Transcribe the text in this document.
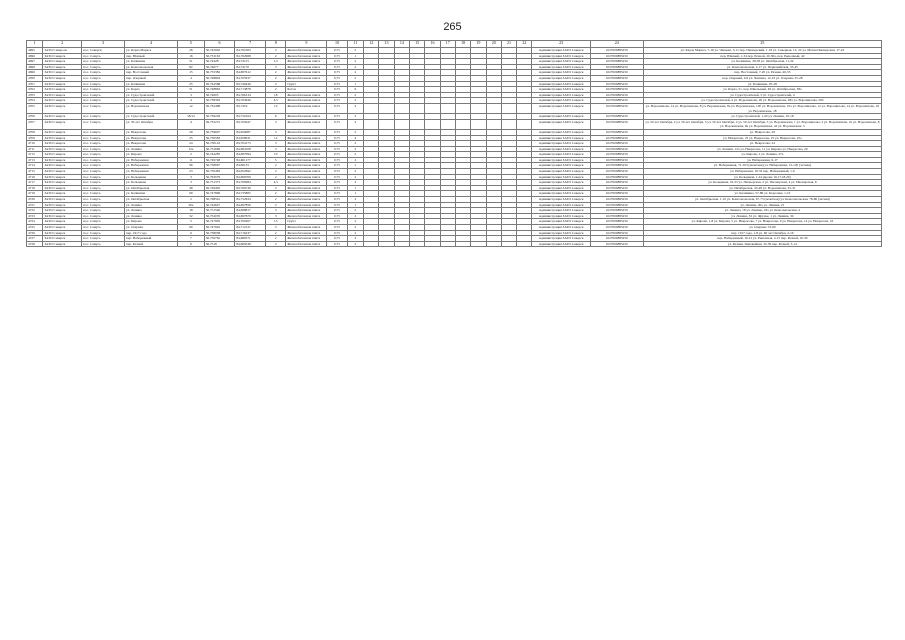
265
1	2	3	4	5	6	7	8	9	10	11	12	13	14	15	16	17	18	19	20	21	22	23	24	25
4695	ЗАТО Североск	пос. Северск	ул. Карла Маркса	26	56,745002	84,791063	2	Железобетонная плита	0,75	2												Администрация ЗАТО Северск	1027000885250	ул. Карла Маркса, 7-16 ул. Чапаева, 3-11 пер. Пионерский, 1-18 ул. Северная, 12, 22 ул. Малая Пионерская, 17-22
4696	ЗАТО Северск	пос. Самусь	пер. Южный	16	56,753163	84,702968	2	Железобетонная плита	0,75	1												Администрация ЗАТО Северск	1027000885250	пер. Южный, 1-34 пер. Речной, 20-30а, пер. Рыночный, 42
4697	ЗАТО Северск	пос. Самусь	ул. Калинина	51	56,74428	84,74115	1,5	Железобетонная плита	0,75	2												Администрация ЗАТО Северск	1027000885250	ул. Калинина, 39-58 ул. Октябрьская, 11-24
4698	ЗАТО Северск	пос. Самусь	ул. Комсомольская	82	56,74677	84,74170	3	Железобетонная плита	0,75	2												Администрация ЗАТО Северск	1027000885250	ул. Комсомольская, 2-17 ул. Первомайская, 33-45
4699	ЗАТО Северск	пос. Самусь	пер. Восточный	15	56,755382	84,687612	2	Железобетонная плита	0,75	2												Администрация ЗАТО Северск	1027000885250	пер. Восточный, 7-20 ул. Речная, 40-55
4700	ЗАТО Северск	пос. Самусь	пер. Озерный	4	56,748804	84,705937	2	Железобетонная плита	0,75	2												Администрация ЗАТО Северск	1027000885250	пер. Озерный, 4-9 ул. Чапаева, 12-23 ул. Озерная, 25-28
4701	ЗАТО Северск	пос. Самусь	ул. Калинина	25	56,744588	84,749446	2	Грунт	0,75	1												Администрация ЗАТО Северск	1027000885250	ул. Калинина, 25-28
4702	ЗАТО Северск	пос. Самусь	ул. Карла	51	56,748863	84,713878	2	Бетон	0,75	6												Администрация ЗАТО Северск	1027000885250	ул. Карла, 51, пер. Школьный, 49 ул. Октябрьская, 38а
4703	ЗАТО Северск	пос. Самусь	ул. Судостроителей	3	56,74003	84,766134	18	Железобетонная плита	0,75	2												Администрация ЗАТО Северск	1027000885250	ул. Судостроителей, 3 ул. Судостроителей, 4
4704	ЗАТО Северск	пос. Самусь	ул. Судостроителей	4	56,738363	84,763946	4,5	Железобетонная плита	0,75	2												Администрация ЗАТО Северск	1027000885250	ул. Судостроителей, 4 ул. Ворошилова, 26 ул. Ворошилова, 28а ул. Ворошилова, 26б
4705	ЗАТО Северск	пос. Самусь	ул. Ворошилова	12	56,732498	84,7419	12	Железобетонная плита	0,75	2												Администрация ЗАТО Северск	1027000885250	ул. Ворошилова, 14 ул. Ворошилова, 8 ул. Ворошилова, 8а ул. Ворошилова, 10б ул. Ворошилова, 10а ул. Ворошилова, 12 ул. Ворошилова, 14 ул. Ворошилова, 16 ул. Ворошилова, 18
4706	ЗАТО Северск	пос. Самусь	ул. Судостроителей	18/12	56,736229	84,750164	6	Железобетонная плита	0,75	3												Администрация ЗАТО Северск	1027000885250	ул. Судостроителей, 1-20 ул. Ленина, 10-18
4707	ЗАТО Северск	пос. Самусь	ул. 50 лет Октября	4	56,733272	84,705947	3	Железобетонная плита	0,75	2												Администрация ЗАТО Северск	1027000885250	ул. 50 лет Октября, 2 ул. 50 лет Октября, 3 ул. 50 лет Октября, 4 ул. 50 лет Октября, 5 ул. Ворошилова, 1 ул. Ворошилова, 2 ул. Ворошилова, 2а ул. Ворошилова, 8 ул. Ворошилова, 8а ул. Ворошилова, 42 ул. Ворошилова, 5
4708	ЗАТО Северск	пос. Самусь	ул. Некрасова	29	56,759607	84,659087	5	Железобетонная плита	0,75	5												Администрация ЗАТО Северск	1027000885250	ул. Некрасова, 29
4709	ЗАТО Северск	пос. Самусь	ул. Некрасова	25	56,750583	84,658931	12	Железобетонная плита	0,75	4												Администрация ЗАТО Северск	1027000885250	ул. Некрасова, 23 ул. Некрасова, 25 ул. Некрасова, 25а
4710	ЗАТО Северск	пос. Самусь	ул. Некрасова	24	56,750143	84,704173	3	Железобетонная плита	0,75	2												Администрация ЗАТО Северск	1027000885250	ул. Некрасова, 24
4711	ЗАТО Северск	пос. Самусь	ул. Ленина	12а	56,752069	84,684108	3	Железобетонная плита	0,75	2												Администрация ЗАТО Северск	1027000885250	ул. Ленина, 12а ул. Некрасова, 11 ул. Кирова ул. Некрасова, 20
4712	ЗАТО Северск	пос. Самусь	ул. Кирова	2	56,744285	84,687994	10	Железобетонная плита	0,75	2												Администрация ЗАТО Северск	1027000885250	ул. Кирова, 2 ул. Ленина, 27а
4713	ЗАТО Северск	пос. Самусь	ул. Набережная	11	56,749748	84,661177	5	Железобетонная плита	0,75	2												Администрация ЗАТО Северск	1027000885250	ул. Набережная, 9-17
4714	ЗАТО Северск	пос. Самусь	ул. Набережная	96	56,758067	84,66135	2	Железобетонная плита	0,75	1												Администрация ЗАТО Северск	1027000885250	ул. Набережная, 71-103 (нечетная) ул. Набережная, 12-120 (четная)
4715	ЗАТО Северск	пос. Самусь	ул. Набережная	23	56,750483	84,652692	2	Железобетонная плита	0,75	2												Администрация ЗАТО Северск	1027000885250	ул. Набережная, 19-33 пер. Набережный, 1-9
4716	ЗАТО Северск	пос. Самусь	ул. Кольцевая	3	56,763079	84,699709	2	Железобетонная плита	0,75	2												Администрация ЗАТО Северск	1027000885250	ул. Кольцевая, 1-24 (кроме 16,17,18,20)
4717	ЗАТО Северск	пос. Самусь	ул. Кольцевая	3	56,751373	84,700984	4,5	Железобетонная плита	0,75	2												Администрация ЗАТО Северск	1027000885250	ул. Кольцевая, 16-33 ул. Пионерская, 2 ул. Пионерская, 4 ул. Пионерская, 6
4718	ЗАТО Северск	пос. Самусь	ул. Октябрьская	48	56,749405	84,706749	2	Железобетонная плита	0,75	1												Администрация ЗАТО Северск	1027000885250	ул. Октябрьская, 43-48 ул. Ворошилова, 25-31
4719	ЗАТО Северск	пос. Самусь	ул. Калинина	69	56,747869	84,735865	2	Железобетонная плита	0,75	1												Администрация ЗАТО Северск	1027000885250	ул. Калинина, 57-86 ул. Королева, 1-10
4720	ЗАТО Северск	пос. Самусь	ул. Октябрьская	2	56,768561	84,752634	2	Железобетонная плита	0,75	2												Администрация ЗАТО Северск	1027000885250	ул. Октябрьская, 1-10 ул. Комсомольская, 67-73 (нечетная) ул. Комсомольская, 78-86 (четная)
4721	ЗАТО Северск	пос. Самусь	ул. Ленина	20а	56,744627	84,697856	2	Железобетонная плита	0,75	1												Администрация ЗАТО Северск	1027000885250	ул. Ленина, 20а ул. Ленина, 21
4722	ЗАТО Северск	пос. Самусь	ул. Ленина	18	56,751540	84,698817	3	Железобетонная плита	0,75	2												Администрация ЗАТО Северск	1027000885250	ул. Ленина, 18 ул. Ленина, 18а ул. Комсомольская, 4
4723	ЗАТО Северск	пос. Самусь	ул. Ленина	32	56,752076	84,697670	3	Железобетонная плита	0,75	2												Администрация ЗАТО Северск	1027000885250	ул. Ленина, 32 ул. Фрунзе, 1 ул. Ленина, 34
4724	ЗАТО Северск	пос. Самусь	ул. Кирова	5	56,747995	84,700207	15	Грунт	0,75	2												Администрация ЗАТО Северск	1027000885250	ул. Кирова, 1-8 ул. Кирова, 5 ул. Некрасова, 7 ул. Некрасова, 9 ул. Некрасова, 14 ул. Некрасова, 16
4725	ЗАТО Северск	пос. Самусь	ул. Озерная	60	56,747942	84,712121	5	Железобетонная плита	0,75	2												Администрация ЗАТО Северск	1027000885250	ул. Озерная, 53-60
4726	ЗАТО Северск	пос. Самусь	пер. 1917 года	6	56,758058	84,716237	2	Железобетонная плита	0,75	2												Администрация ЗАТО Северск	1027000885250	пер. 1917 года, 1-8 ул. 60 лет Октября, 2-16
4727	ЗАТО Северск	пос. Самусь	пер. Набережный	7	56,750762	84,680571	2	Железобетонная плита	0,75	2												Администрация ЗАТО Северск	1027000885250	пер. Набережный, 10-21 ул. Рыночная, 2-15 пер. Речной, 10-30
4728	ЗАТО Северск	пос. Самусь	пер. Речной	6	56,7518	84,666548	2	Железобетонная плита	0,75	2												Администрация ЗАТО Северск	1027000885250	ул. Речная, Зимовейная, 32-39 пер. Речной, 3-14
